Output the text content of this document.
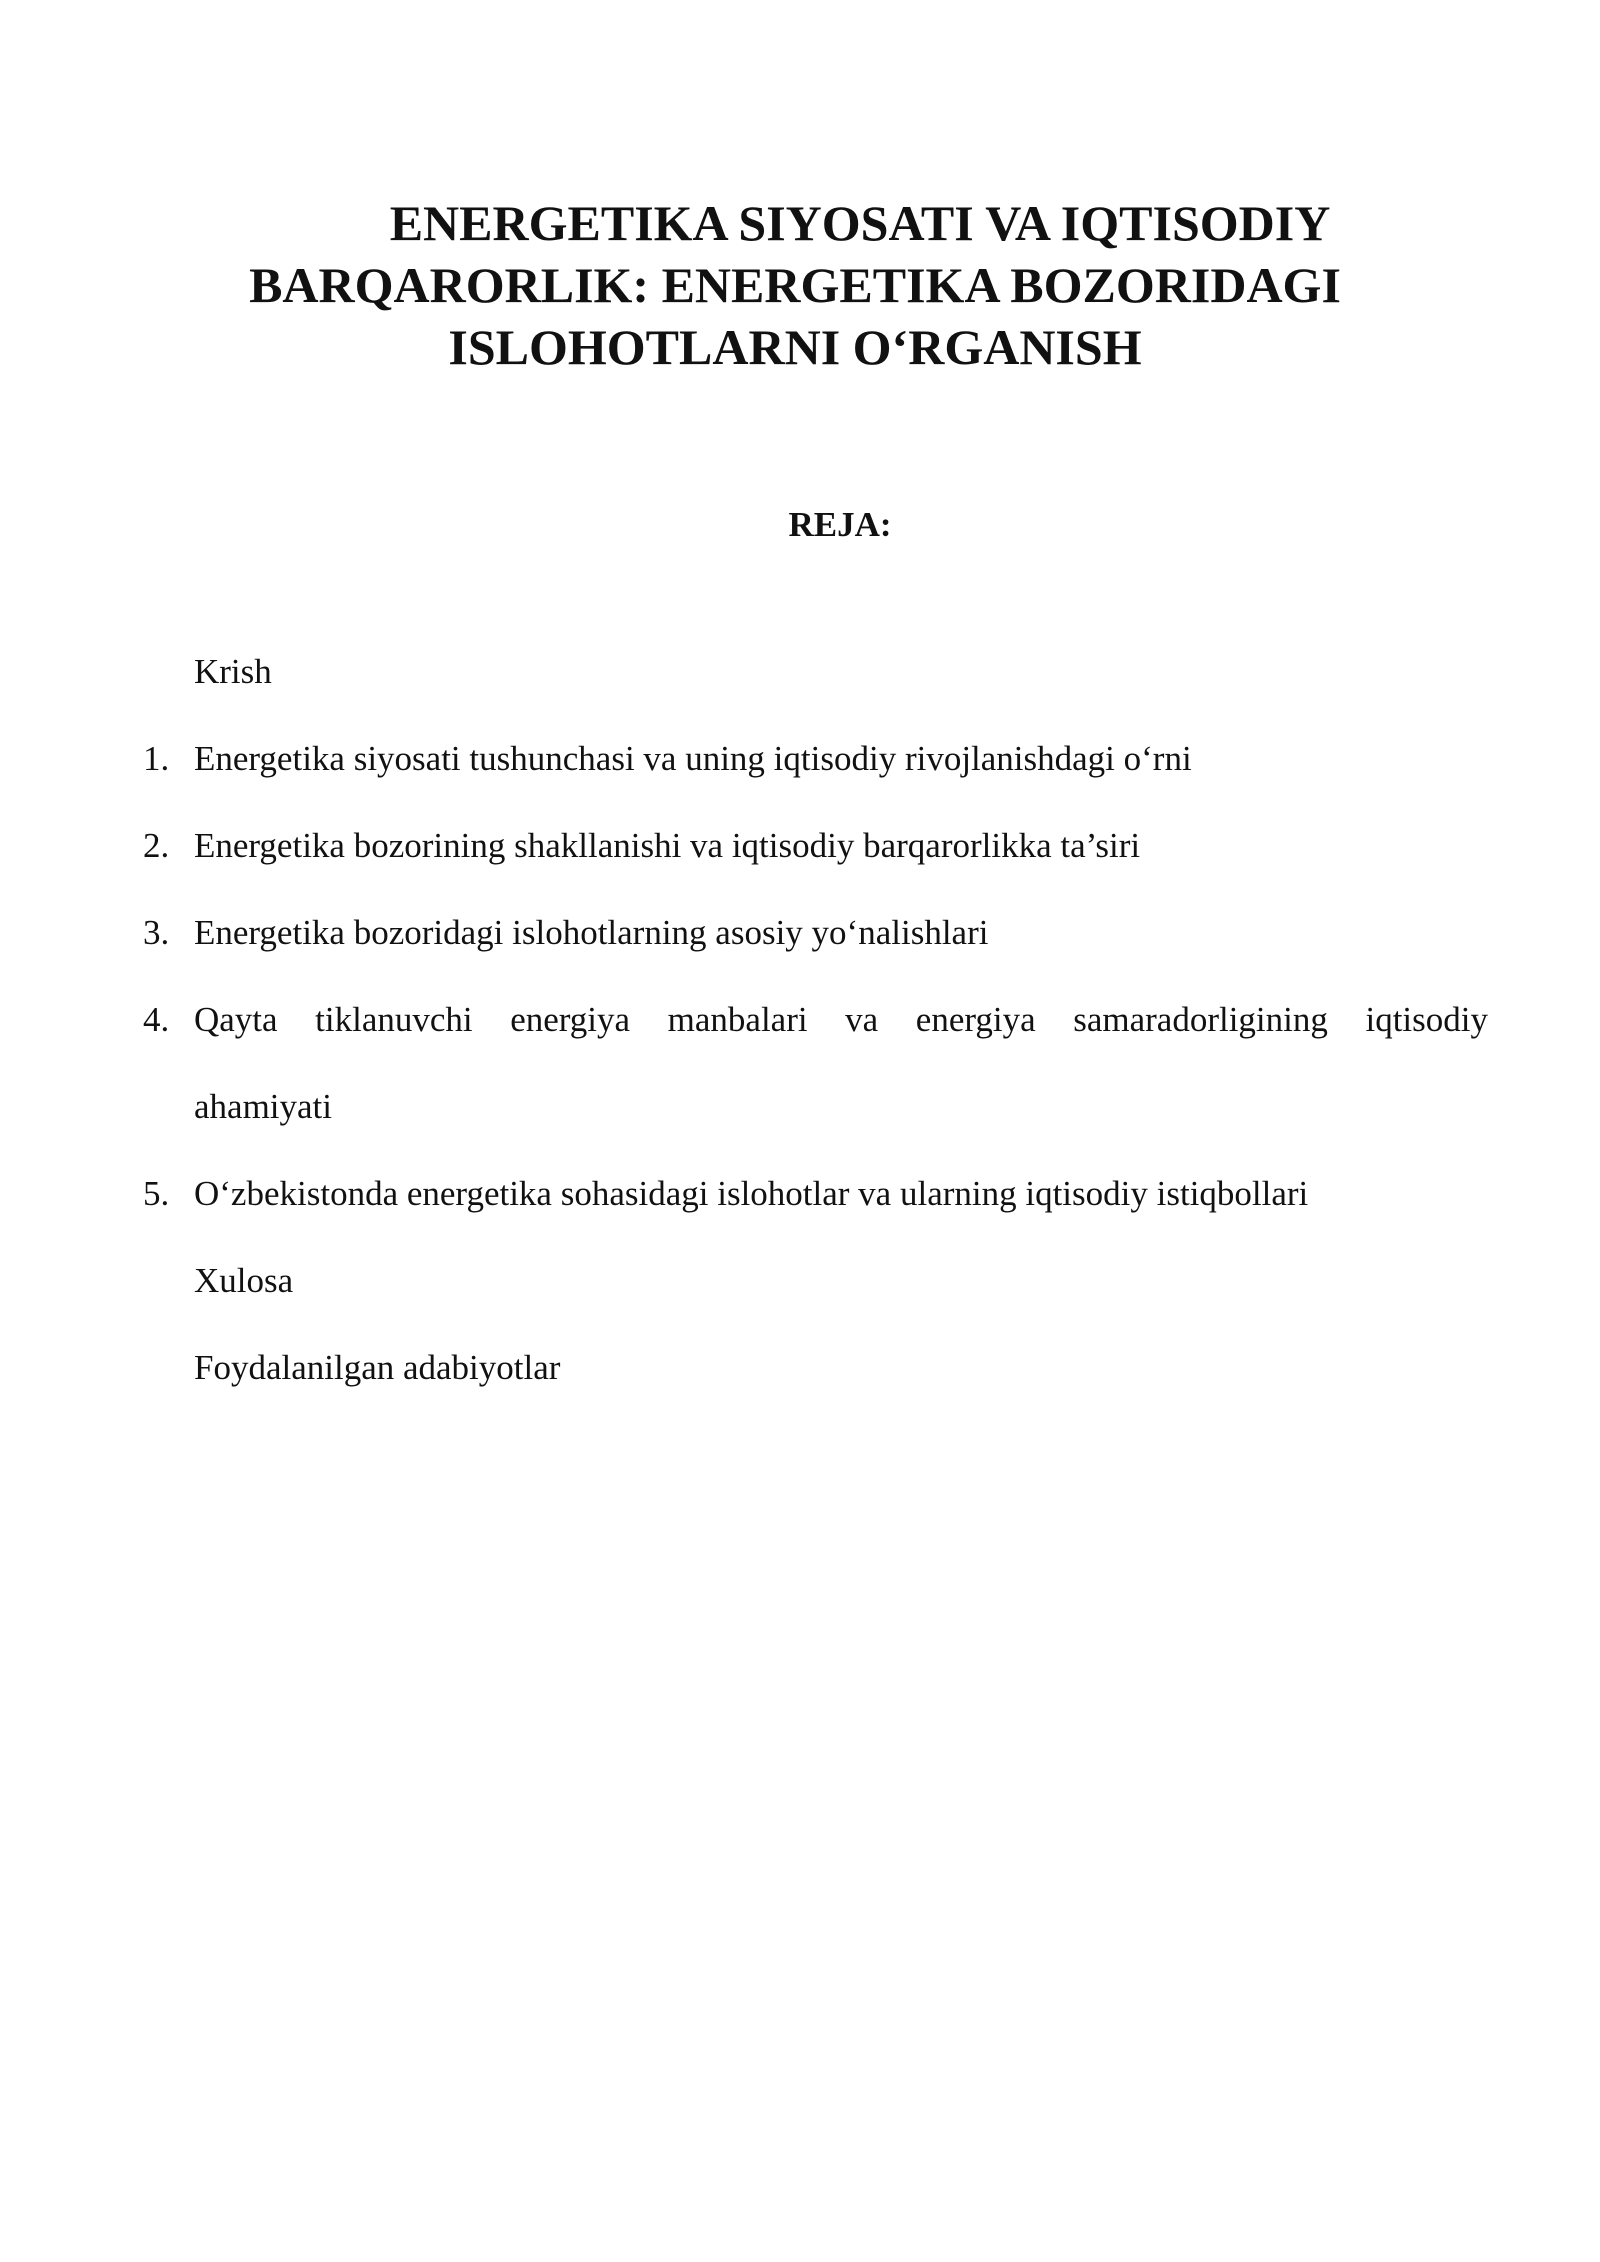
ENERGETIKA SIYOSATI VA IQTISODIY
BARQARORLIK: ENERGETIKA BOZORIDAGI
ISLOHOTLARNI O‘RGANISH
REJA:
Krish
1. Energetika siyosati tushunchasi va uning iqtisodiy rivojlanishdagi o‘rni
2. Energetika bozorining shakllanishi va iqtisodiy barqarorlikka ta’siri
3. Energetika bozoridagi islohotlarning asosiy yo‘nalishlari
4. Qayta tiklanuvchi energiya manbalari va energiya samaradorligining iqtisodiy
ahamiyati
5. O‘zbekistonda energetika sohasidagi islohotlar va ularning iqtisodiy istiqbollari
Xulosa
Foydalanilgan adabiyotlar
